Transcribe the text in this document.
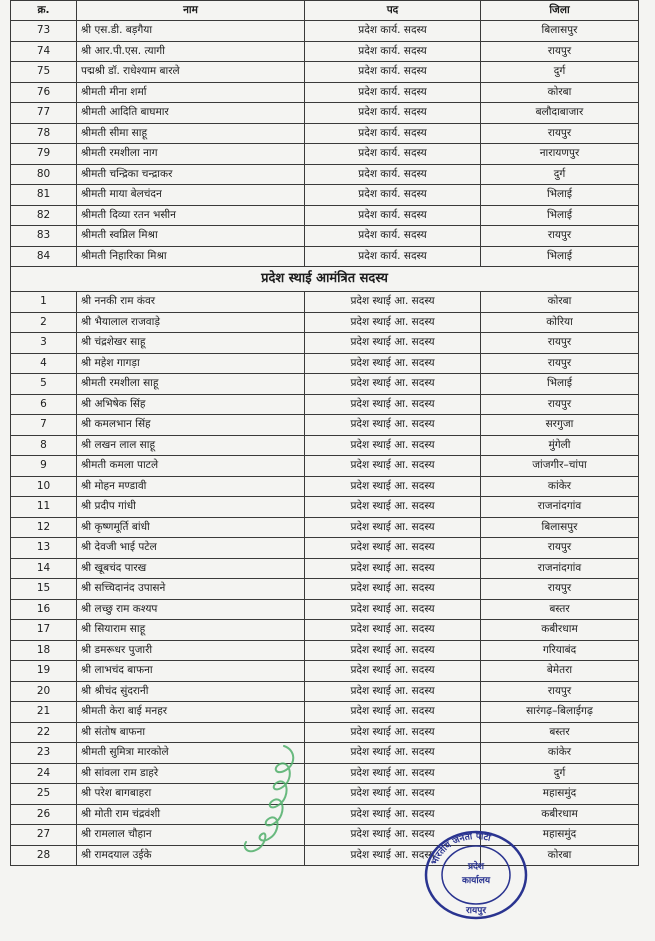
क्र.	नाम	पद	जिला
73	श्री एस.डी. बड़गैया	प्रदेश कार्य. सदस्य	बिलासपुर
74	श्री आर.पी.एस. त्यागी	प्रदेश कार्य. सदस्य	रायपुर
75	पद्मश्री डॉ. राधेश्याम बारले	प्रदेश कार्य. सदस्य	दुर्ग
76	श्रीमती मीना शर्मा	प्रदेश कार्य. सदस्य	कोरबा
77	श्रीमती आदिति बाघमार	प्रदेश कार्य. सदस्य	बलौदाबाजार
78	श्रीमती सीमा साहू	प्रदेश कार्य. सदस्य	रायपुर
79	श्रीमती रमशीला नाग	प्रदेश कार्य. सदस्य	नारायणपुर
80	श्रीमती चन्द्रिका चन्द्राकर	प्रदेश कार्य. सदस्य	दुर्ग
81	श्रीमती माया बेलचंदन	प्रदेश कार्य. सदस्य	भिलाई
82	श्रीमती दिव्या रतन भसीन	प्रदेश कार्य. सदस्य	भिलाई
83	श्रीमती स्वप्निल मिश्रा	प्रदेश कार्य. सदस्य	रायपुर
84	श्रीमती निहारिका मिश्रा	प्रदेश कार्य. सदस्य	भिलाई
प्रदेश स्थाई आमंत्रित सदस्य			
1	श्री ननकी राम कंवर	प्रदेश स्थाई आ. सदस्य	कोरबा
2	श्री भैयालाल राजवाड़े	प्रदेश स्थाई आ. सदस्य	कोरिया
3	श्री चंद्रशेखर साहू	प्रदेश स्थाई आ. सदस्य	रायपुर
4	श्री महेश गागड़ा	प्रदेश स्थाई आ. सदस्य	रायपुर
5	श्रीमती रमशीला साहू	प्रदेश स्थाई आ. सदस्य	भिलाई
6	श्री अभिषेक सिंह	प्रदेश स्थाई आ. सदस्य	रायपुर
7	श्री कमलभान सिंह	प्रदेश स्थाई आ. सदस्य	सरगुजा
8	श्री लखन लाल साहू	प्रदेश स्थाई आ. सदस्य	मुंगेली
9	श्रीमती कमला पाटले	प्रदेश स्थाई आ. सदस्य	जांजगीर–चांपा
10	श्री मोहन मण्डावी	प्रदेश स्थाई आ. सदस्य	कांकेर
11	श्री प्रदीप गांधी	प्रदेश स्थाई आ. सदस्य	राजनांदगांव
12	श्री कृष्णमूर्ति बांधी	प्रदेश स्थाई आ. सदस्य	बिलासपुर
13	श्री देवजी भाई पटेल	प्रदेश स्थाई आ. सदस्य	रायपुर
14	श्री खूबचंद पारख	प्रदेश स्थाई आ. सदस्य	राजनांदगांव
15	श्री सच्चिदानंद उपासने	प्रदेश स्थाई आ. सदस्य	रायपुर
16	श्री लच्छु राम कश्यप	प्रदेश स्थाई आ. सदस्य	बस्तर
17	श्री सियाराम साहू	प्रदेश स्थाई आ. सदस्य	कबीरधाम
18	श्री डमरूधर पुजारी	प्रदेश स्थाई आ. सदस्य	गरियाबंद
19	श्री लाभचंद बाफना	प्रदेश स्थाई आ. सदस्य	बेमेतरा
20	श्री श्रीचंद सुंदरानी	प्रदेश स्थाई आ. सदस्य	रायपुर
21	श्रीमती केरा बाई मनहर	प्रदेश स्थाई आ. सदस्य	सारंगढ़–बिलाईगढ़
22	श्री संतोष बाफना	प्रदेश स्थाई आ. सदस्य	बस्तर
23	श्रीमती सुमित्रा मारकोले	प्रदेश स्थाई आ. सदस्य	कांकेर
24	श्री सांवला राम डाहरे	प्रदेश स्थाई आ. सदस्य	दुर्ग
25	श्री परेश बागबाहरा	प्रदेश स्थाई आ. सदस्य	महासमुंद
26	श्री मोती राम चंद्रवंशी	प्रदेश स्थाई आ. सदस्य	कबीरधाम
27	श्री रामलाल चौहान	प्रदेश स्थाई आ. सदस्य	महासमुंद
28	श्री रामदयाल उईके	प्रदेश स्थाई आ. सदस्य	कोरबा
भारतीय जनता पार्टी
प्रदेश
कार्यालय
रायपुर
